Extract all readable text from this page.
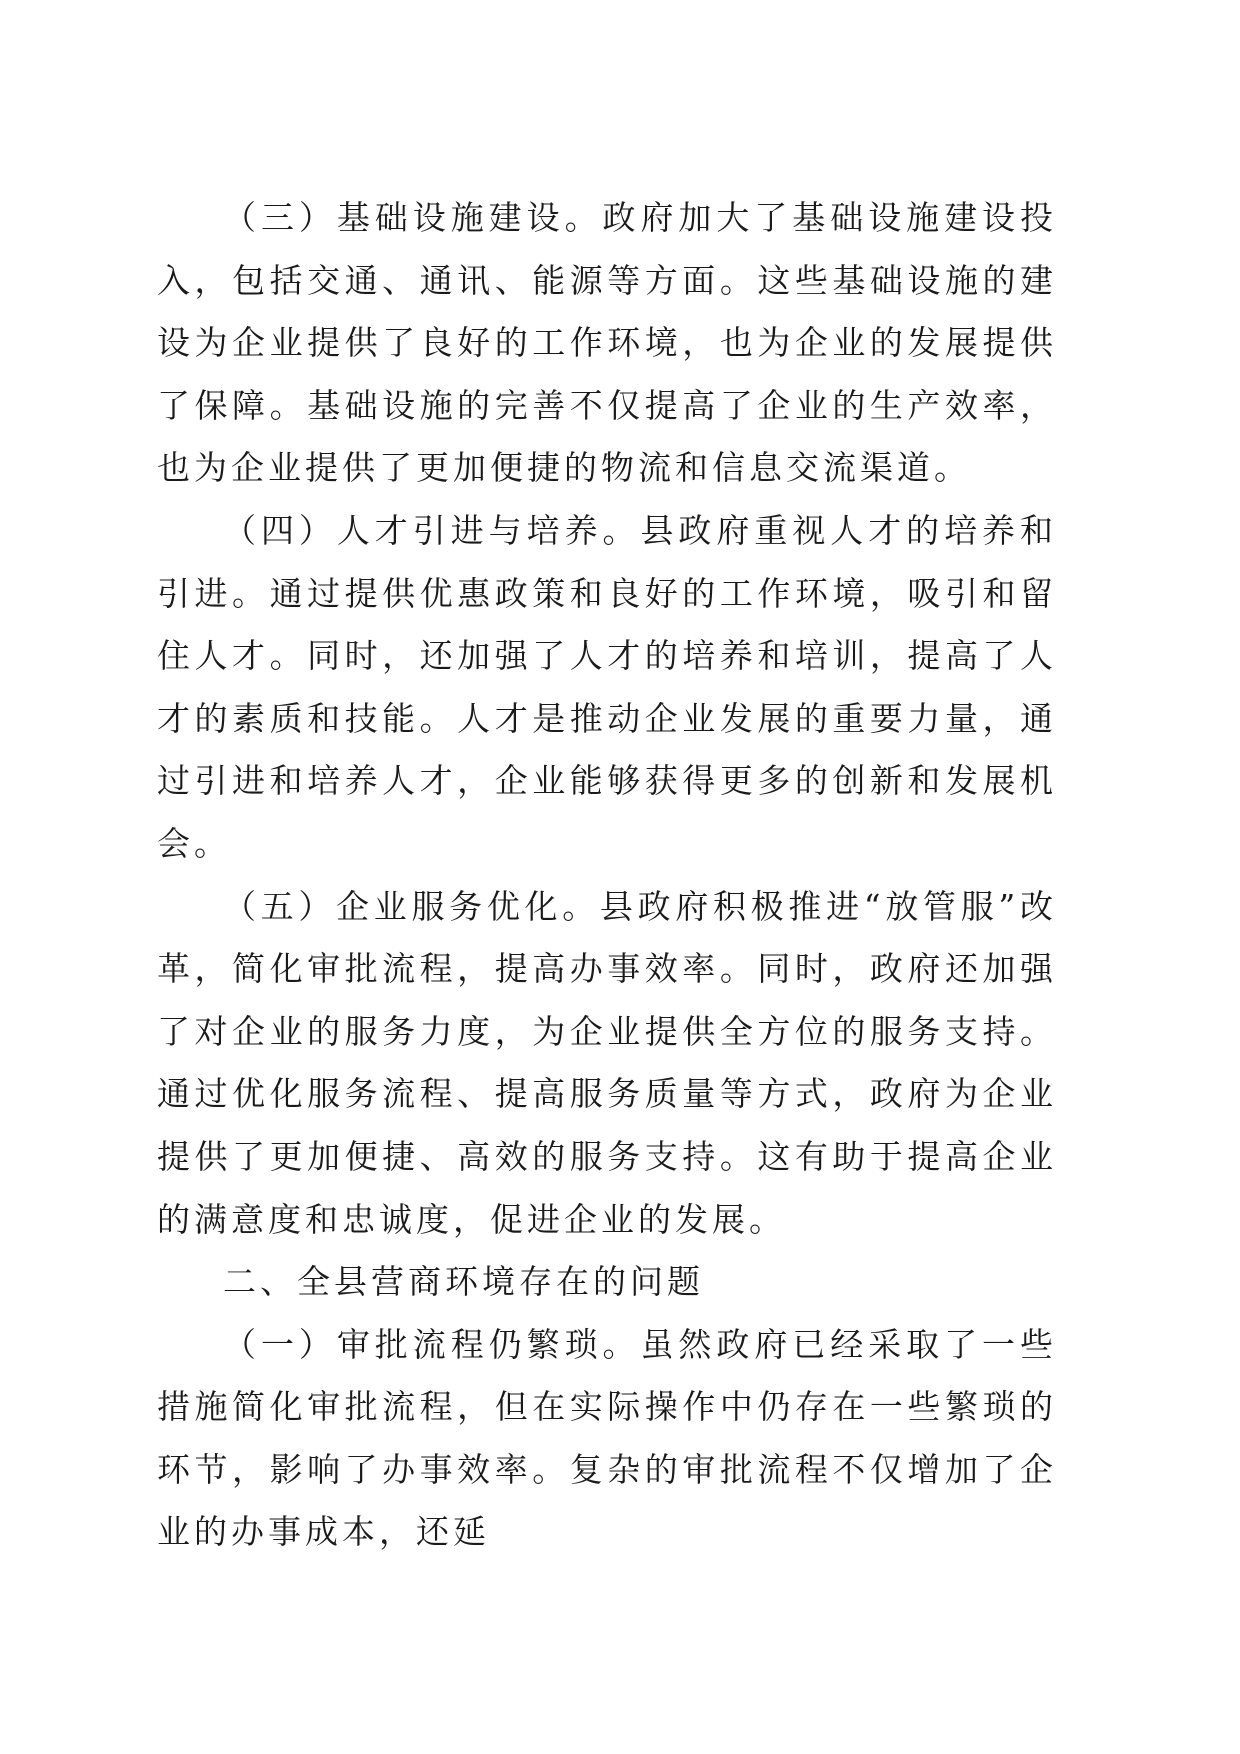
（三）基础设施建设。政府加大了基础设施建设投入，包括交通、通讯、能源等方面。这些基础设施的建设为企业提供了良好的工作环境，也为企业的发展提供了保障。基础设施的完善不仅提高了企业的生产效率，也为企业提供了更加便捷的物流和信息交流渠道。

（四）人才引进与培养。县政府重视人才的培养和引进。通过提供优惠政策和良好的工作环境，吸引和留住人才。同时，还加强了人才的培养和培训，提高了人才的素质和技能。人才是推动企业发展的重要力量，通过引进和培养人才，企业能够获得更多的创新和发展机会。

（五）企业服务优化。县政府积极推进“放管服”改革，简化审批流程，提高办事效率。同时，政府还加强了对企业的服务力度，为企业提供全方位的服务支持。通过优化服务流程、提高服务质量等方式，政府为企业提供了更加便捷、高效的服务支持。这有助于提高企业的满意度和忠诚度，促进企业的发展。

二、全县营商环境存在的问题

（一）审批流程仍繁琐。虽然政府已经采取了一些措施简化审批流程，但在实际操作中仍存在一些繁琐的环节，影响了办事效率。复杂的审批流程不仅增加了企业的办事成本，还延
